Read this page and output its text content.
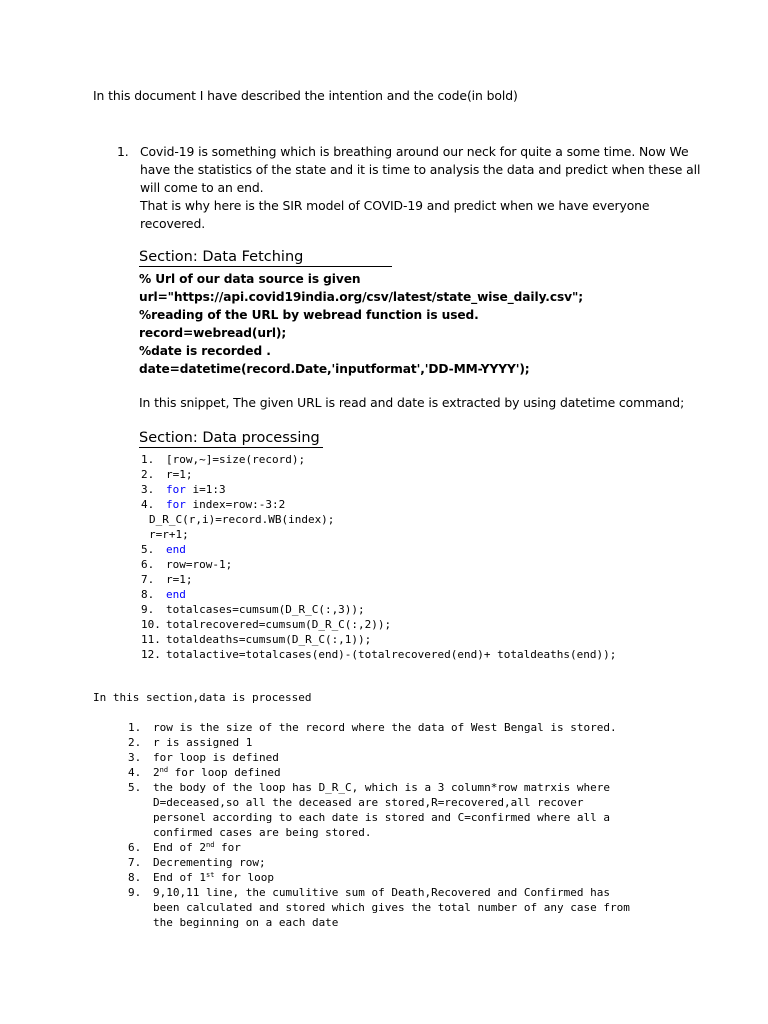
In this document I have described the intention and the code(in bold)
1. Covid-19 is something which is breathing around our neck for quite a some time. Now We
have the statistics of the state and it is time to analysis the data and predict when these all
will come to an end.
That is why here is the SIR model of COVID-19 and predict when we have everyone
recovered.
Section: Data Fetching
% Url of our data source is given
url="https://api.covid19india.org/csv/latest/state_wise_daily.csv";
%reading of the URL by webread function is used.
record=webread(url);
%date is recorded .
date=datetime(record.Date,'inputformat','DD-MM-YYYY');
In this snippet, The given URL is read and date is extracted by using datetime command;
Section: Data processing
1.	[row,~]=size(record);
2.	r=1;
3.	for i=1:3
4.	for index=row:-3:2
D_R_C(r,i)=record.WB(index);
r=r+1;
5.	end
6.	row=row-1;
7.	r=1;
8.	end
9.	totalcases=cumsum(D_R_C(:,3));
10. totalrecovered=cumsum(D_R_C(:,2));
11. totaldeaths=cumsum(D_R_C(:,1));
12. totalactive=totalcases(end)-(totalrecovered(end)+ totaldeaths(end));
In this section,data is processed
1.	row is the size of the record where the data of West Bengal is stored.
2.	r is assigned 1
3.	for loop is defined
4.	2nd for loop defined
5.	the body of the loop has D_R_C, which is a 3 column*row matrxis where
D=deceased,so all the deceased are stored,R=recovered,all recover
personel according to each date is stored and C=confirmed where all a
confirmed cases are being stored.
6.	End of 2nd for
7.	Decrementing row;
8.	End of 1st for loop
9.	9,10,11 line, the cumulitive sum of Death,Recovered and Confirmed has
been calculated and stored which gives the total number of any case from
the beginning on a each date
